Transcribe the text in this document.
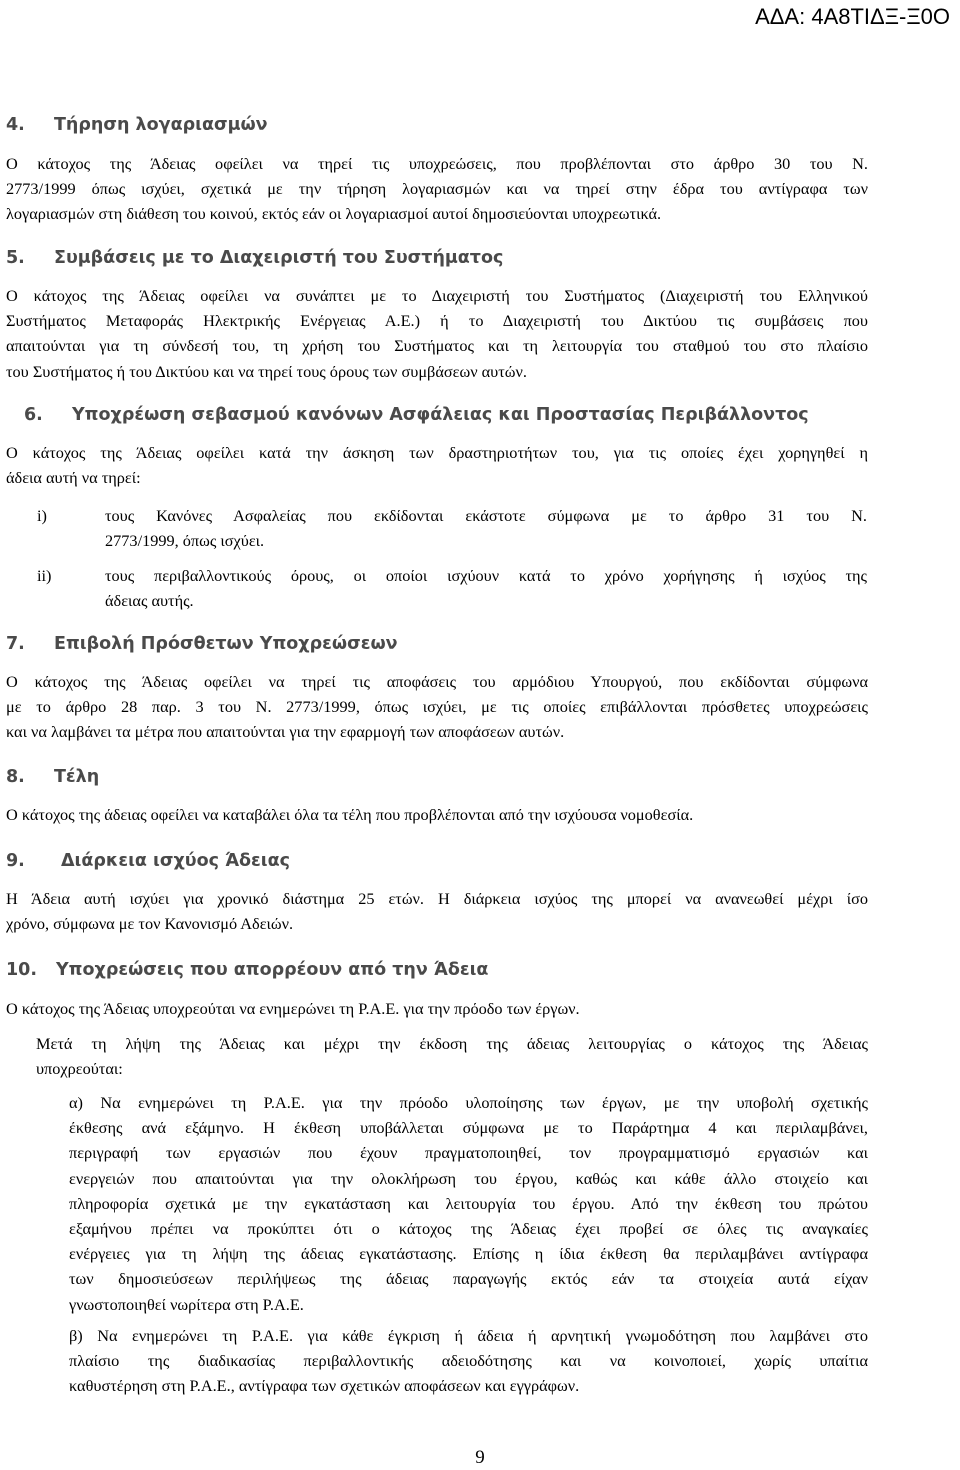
ΑΔΑ: 4Α8ΤΙΔΞ-Ξ0Ο
4. Τήρηση λογαριασμών
Ο κάτοχος της Άδειας οφείλει να τηρεί τις υποχρεώσεις, που προβλέπονται στο άρθρο 30 του Ν.
2773/1999 όπως ισχύει, σχετικά με την τήρηση λογαριασμών και να τηρεί στην έδρα του αντίγραφα των
λογαριασμών στη διάθεση του κοινού, εκτός εάν οι λογαριασμοί αυτοί δημοσιεύονται υποχρεωτικά.
5. Συμβάσεις με το Διαχειριστή του Συστήματος
Ο κάτοχος της Άδειας οφείλει να συνάπτει με το Διαχειριστή του Συστήματος (Διαχειριστή του Ελληνικού
Συστήματος Μεταφοράς Ηλεκτρικής Ενέργειας Α.Ε.) ή το Διαχειριστή του Δικτύου τις συμβάσεις που
απαιτούνται για τη σύνδεσή του, τη χρήση του Συστήματος και τη λειτουργία του σταθμού του στο πλαίσιο
του Συστήματος ή του Δικτύου και να τηρεί τους όρους των συμβάσεων αυτών.
6. Υποχρέωση σεβασμού κανόνων Ασφάλειας και Προστασίας Περιβάλλοντος
Ο κάτοχος της Άδειας οφείλει κατά την άσκηση των δραστηριοτήτων του, για τις οποίες έχει χορηγηθεί η
άδεια αυτή να τηρεί:
i)	τους Κανόνες Ασφαλείας που εκδίδονται εκάστοτε σύμφωνα με το άρθρο 31 του Ν.
2773/1999, όπως ισχύει.
ii)	τους περιβαλλοντικούς όρους, οι οποίοι ισχύουν κατά το χρόνο χορήγησης ή ισχύος της
άδειας αυτής.
7. Επιβολή Πρόσθετων Υποχρεώσεων
Ο κάτοχος της Άδειας οφείλει να τηρεί τις αποφάσεις του αρμόδιου Υπουργού, που εκδίδονται σύμφωνα
με το άρθρο 28 παρ. 3 του Ν. 2773/1999, όπως ισχύει, με τις οποίες επιβάλλονται πρόσθετες υποχρεώσεις
και να λαμβάνει τα μέτρα που απαιτούνται για την εφαρμογή των αποφάσεων αυτών.
8. Τέλη
Ο κάτοχος της άδειας οφείλει να καταβάλει όλα τα τέλη που προβλέπονται από την ισχύουσα νομοθεσία.
9. Διάρκεια ισχύος Άδειας
Η Άδεια αυτή ισχύει για χρονικό διάστημα 25 ετών. Η διάρκεια ισχύος της μπορεί να ανανεωθεί μέχρι ίσο
χρόνο, σύμφωνα με τον Κανονισμό Αδειών.
10. Υποχρεώσεις που απορρέουν από την Άδεια
Ο κάτοχος της Άδειας υποχρεούται να ενημερώνει τη Ρ.Α.Ε. για την πρόοδο των έργων.
Μετά τη λήψη της Άδειας και μέχρι την έκδοση της άδειας λειτουργίας ο κάτοχος της Άδειας
υποχρεούται:
α) Να ενημερώνει τη Ρ.Α.Ε. για την πρόοδο υλοποίησης των έργων, με την υποβολή σχετικής
έκθεσης ανά εξάμηνο. Η έκθεση υποβάλλεται σύμφωνα με το Παράρτημα 4 και περιλαμβάνει,
περιγραφή των εργασιών που έχουν πραγματοποιηθεί, τον προγραμματισμό εργασιών και
ενεργειών που απαιτούνται για την ολοκλήρωση του έργου, καθώς και κάθε άλλο στοιχείο και
πληροφορία σχετικά με την εγκατάσταση και λειτουργία του έργου. Από την έκθεση του πρώτου
εξαμήνου πρέπει να προκύπτει ότι ο κάτοχος της Άδειας έχει προβεί σε όλες τις αναγκαίες
ενέργειες για τη λήψη της άδειας εγκατάστασης. Επίσης η ίδια έκθεση θα περιλαμβάνει αντίγραφα
των δημοσιεύσεων περιλήψεως της άδειας παραγωγής εκτός εάν τα στοιχεία αυτά είχαν
γνωστοποιηθεί νωρίτερα στη Ρ.Α.Ε.
β) Να ενημερώνει τη Ρ.Α.Ε. για κάθε έγκριση ή άδεια ή αρνητική γνωμοδότηση που λαμβάνει στο
πλαίσιο της διαδικασίας περιβαλλοντικής αδειοδότησης και να κοινοποιεί, χωρίς υπαίτια
καθυστέρηση στη Ρ.Α.Ε., αντίγραφα των σχετικών αποφάσεων και εγγράφων.
9
